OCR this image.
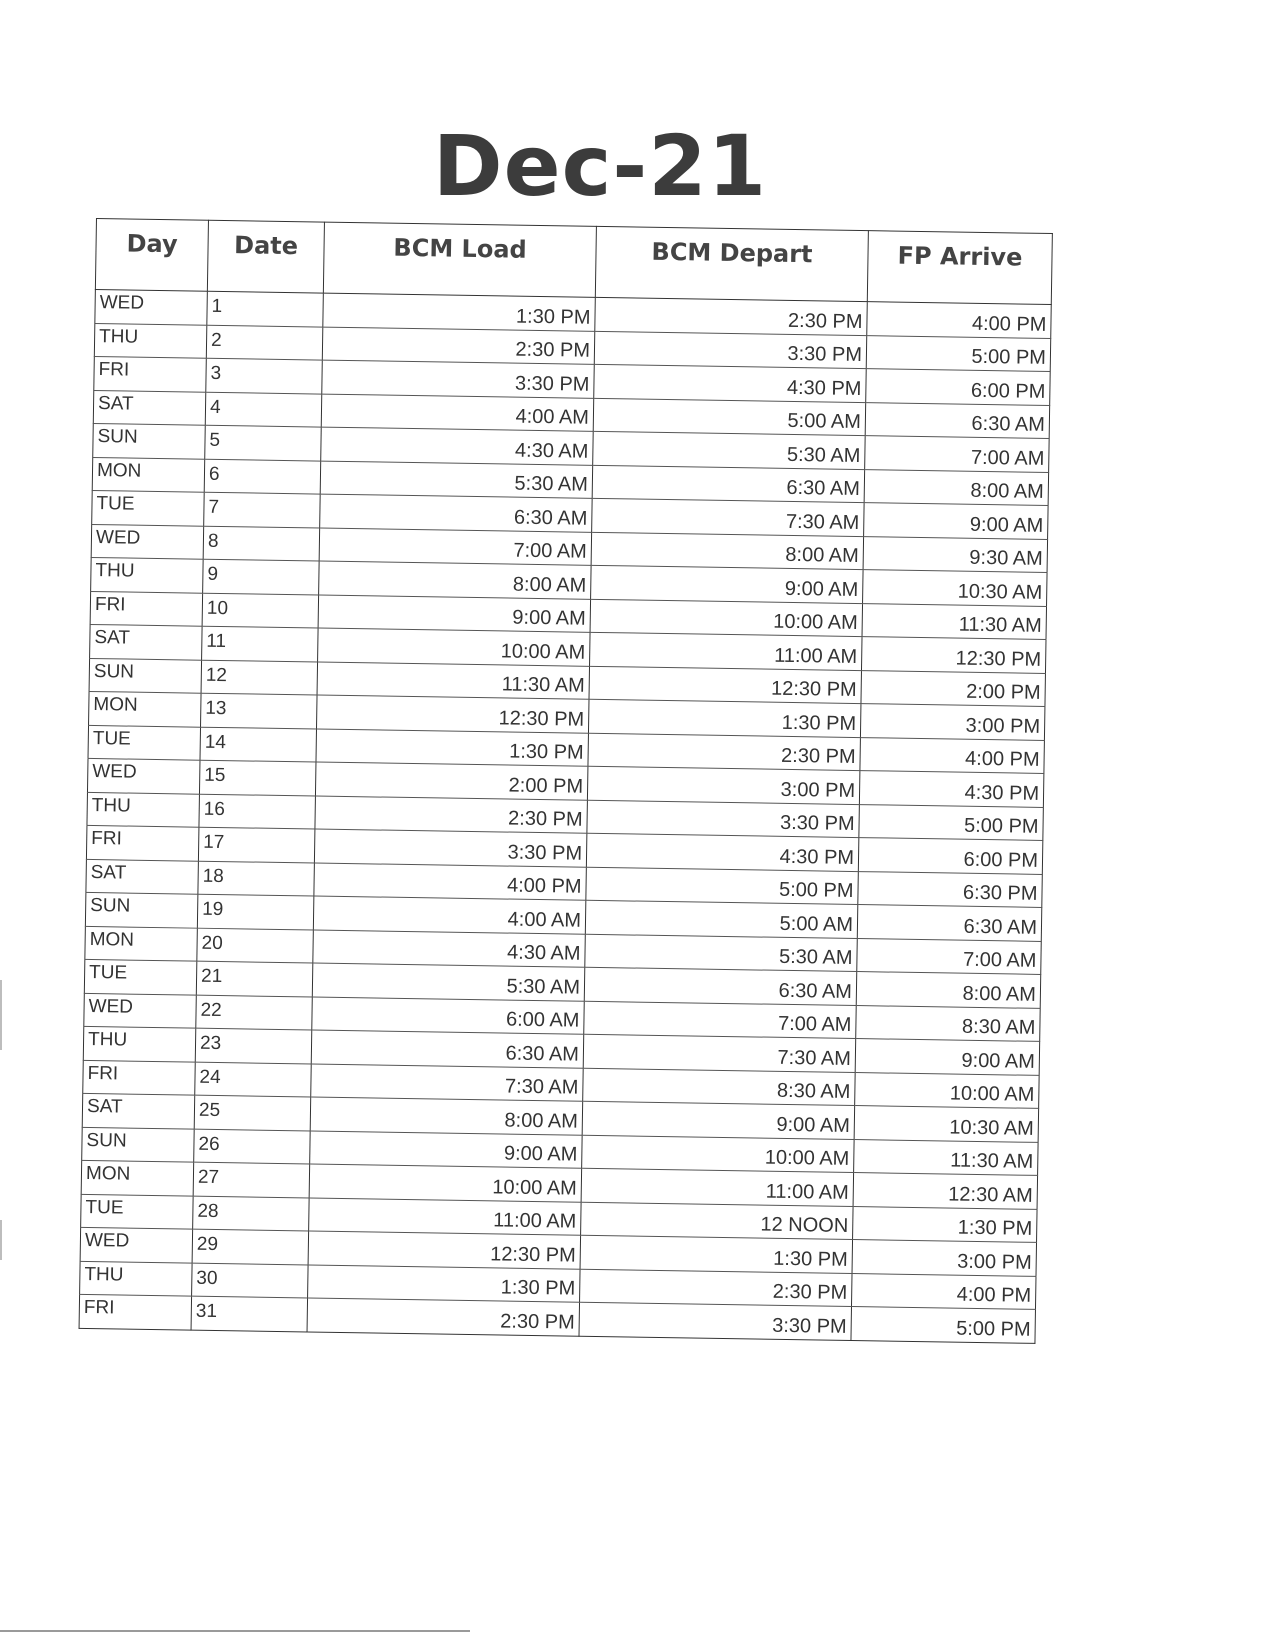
Dec-21
Day	Date	BCM Load	BCM Depart	FP Arrive
WED	1	1:30 PM	2:30 PM	4:00 PM
THU	2	2:30 PM	3:30 PM	5:00 PM
FRI	3	3:30 PM	4:30 PM	6:00 PM
SAT	4	4:00 AM	5:00 AM	6:30 AM
SUN	5	4:30 AM	5:30 AM	7:00 AM
MON	6	5:30 AM	6:30 AM	8:00 AM
TUE	7	6:30 AM	7:30 AM	9:00 AM
WED	8	7:00 AM	8:00 AM	9:30 AM
THU	9	8:00 AM	9:00 AM	10:30 AM
FRI	10	9:00 AM	10:00 AM	11:30 AM
SAT	11	10:00 AM	11:00 AM	12:30 PM
SUN	12	11:30 AM	12:30 PM	2:00 PM
MON	13	12:30 PM	1:30 PM	3:00 PM
TUE	14	1:30 PM	2:30 PM	4:00 PM
WED	15	2:00 PM	3:00 PM	4:30 PM
THU	16	2:30 PM	3:30 PM	5:00 PM
FRI	17	3:30 PM	4:30 PM	6:00 PM
SAT	18	4:00 PM	5:00 PM	6:30 PM
SUN	19	4:00 AM	5:00 AM	6:30 AM
MON	20	4:30 AM	5:30 AM	7:00 AM
TUE	21	5:30 AM	6:30 AM	8:00 AM
WED	22	6:00 AM	7:00 AM	8:30 AM
THU	23	6:30 AM	7:30 AM	9:00 AM
FRI	24	7:30 AM	8:30 AM	10:00 AM
SAT	25	8:00 AM	9:00 AM	10:30 AM
SUN	26	9:00 AM	10:00 AM	11:30 AM
MON	27	10:00 AM	11:00 AM	12:30 AM
TUE	28	11:00 AM	12 NOON	1:30 PM
WED	29	12:30 PM	1:30 PM	3:00 PM
THU	30	1:30 PM	2:30 PM	4:00 PM
FRI	31	2:30 PM	3:30 PM	5:00 PM
